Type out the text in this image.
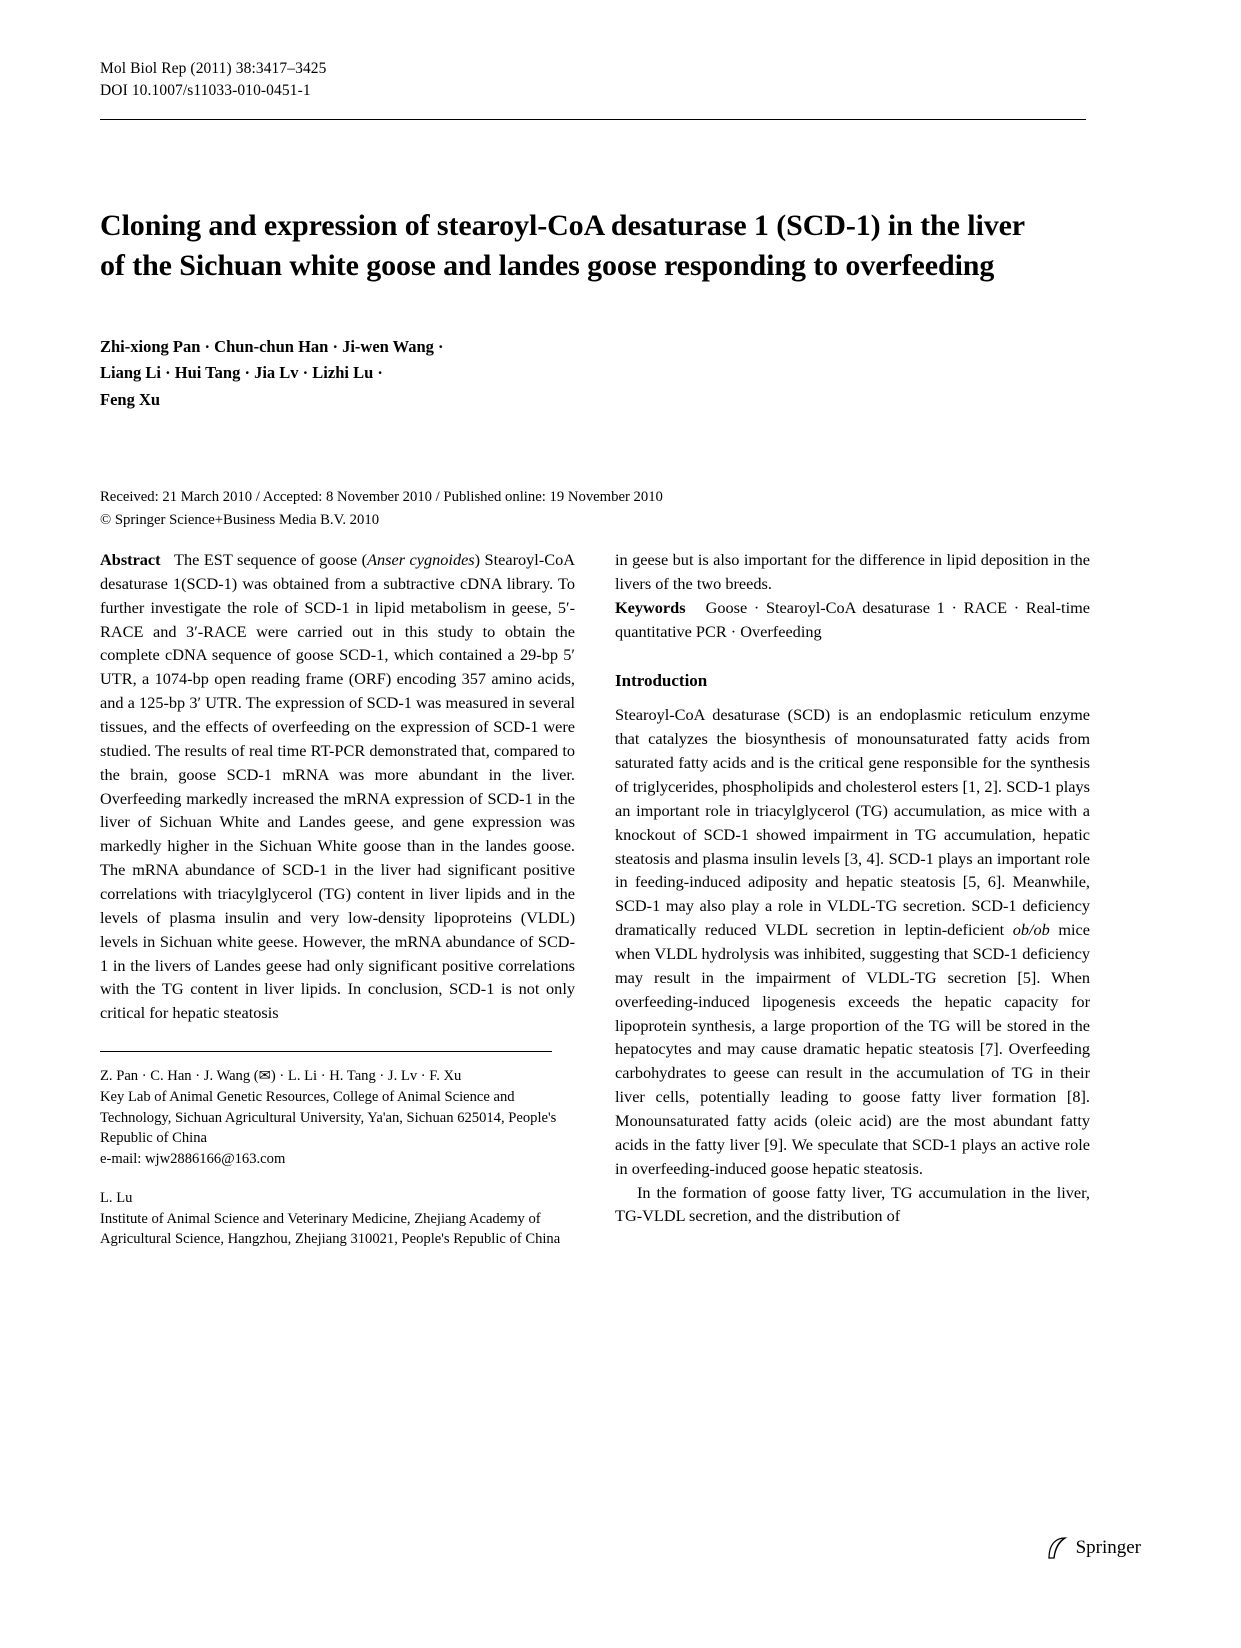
Mol Biol Rep (2011) 38:3417–3425
DOI 10.1007/s11033-010-0451-1
Cloning and expression of stearoyl-CoA desaturase 1 (SCD-1) in the liver of the Sichuan white goose and landes goose responding to overfeeding
Zhi-xiong Pan · Chun-chun Han · Ji-wen Wang ·
Liang Li · Hui Tang · Jia Lv · Lizhi Lu ·
Feng Xu
Received: 21 March 2010 / Accepted: 8 November 2010 / Published online: 19 November 2010
© Springer Science+Business Media B.V. 2010

Abstract The EST sequence of goose (Anser cygnoides) Stearoyl-CoA desaturase 1(SCD-1) was obtained from a subtractive cDNA library. To further investigate the role of SCD-1 in lipid metabolism in geese, 5′-RACE and 3′-RACE were carried out in this study to obtain the complete cDNA sequence of goose SCD-1, which contained a 29-bp 5′ UTR, a 1074-bp open reading frame (ORF) encoding 357 amino acids, and a 125-bp 3′ UTR. The expression of SCD-1 was measured in several tissues, and the effects of overfeeding on the expression of SCD-1 were studied. The results of real time RT-PCR demonstrated that, compared to the brain, goose SCD-1 mRNA was more abundant in the liver. Overfeeding markedly increased the mRNA expression of SCD-1 in the liver of Sichuan White and Landes geese, and gene expression was markedly higher in the Sichuan White goose than in the landes goose. The mRNA abundance of SCD-1 in the liver had significant positive correlations with triacylglycerol (TG) content in liver lipids and in the levels of plasma insulin and very low-density lipoproteins (VLDL) levels in Sichuan white geese. However, the mRNA abundance of SCD-1 in the livers of Landes geese had only significant positive correlations with the TG content in liver lipids. In conclusion, SCD-1 is not only critical for hepatic steatosis

Z. Pan · C. Han · J. Wang (✉) · L. Li · H. Tang · J. Lv · F. Xu
Key Lab of Animal Genetic Resources, College of Animal Science and Technology, Sichuan Agricultural University, Ya'an, Sichuan 625014, People's Republic of China
e-mail: wjw2886166@163.com
L. Lu
Institute of Animal Science and Veterinary Medicine, Zhejiang Academy of Agricultural Science, Hangzhou, Zhejiang 310021, People's Republic of China

in geese but is also important for the difference in lipid deposition in the livers of the two breeds.

Keywords Goose · Stearoyl-CoA desaturase 1 · RACE · Real-time quantitative PCR · Overfeeding

Introduction

Stearoyl-CoA desaturase (SCD) is an endoplasmic reticulum enzyme that catalyzes the biosynthesis of monounsaturated fatty acids from saturated fatty acids and is the critical gene responsible for the synthesis of triglycerides, phospholipids and cholesterol esters [1, 2]. SCD-1 plays an important role in triacylglycerol (TG) accumulation, as mice with a knockout of SCD-1 showed impairment in TG accumulation, hepatic steatosis and plasma insulin levels [3, 4]. SCD-1 plays an important role in feeding-induced adiposity and hepatic steatosis [5, 6]. Meanwhile, SCD-1 may also play a role in VLDL-TG secretion. SCD-1 deficiency dramatically reduced VLDL secretion in leptin-deficient ob/ob mice when VLDL hydrolysis was inhibited, suggesting that SCD-1 deficiency may result in the impairment of VLDL-TG secretion [5]. When overfeeding-induced lipogenesis exceeds the hepatic capacity for lipoprotein synthesis, a large proportion of the TG will be stored in the hepatocytes and may cause dramatic hepatic steatosis [7]. Overfeeding carbohydrates to geese can result in the accumulation of TG in their liver cells, potentially leading to goose fatty liver formation [8]. Monounsaturated fatty acids (oleic acid) are the most abundant fatty acids in the fatty liver [9]. We speculate that SCD-1 plays an active role in overfeeding-induced goose hepatic steatosis.

In the formation of goose fatty liver, TG accumulation in the liver, TG-VLDL secretion, and the distribution of

Springer
